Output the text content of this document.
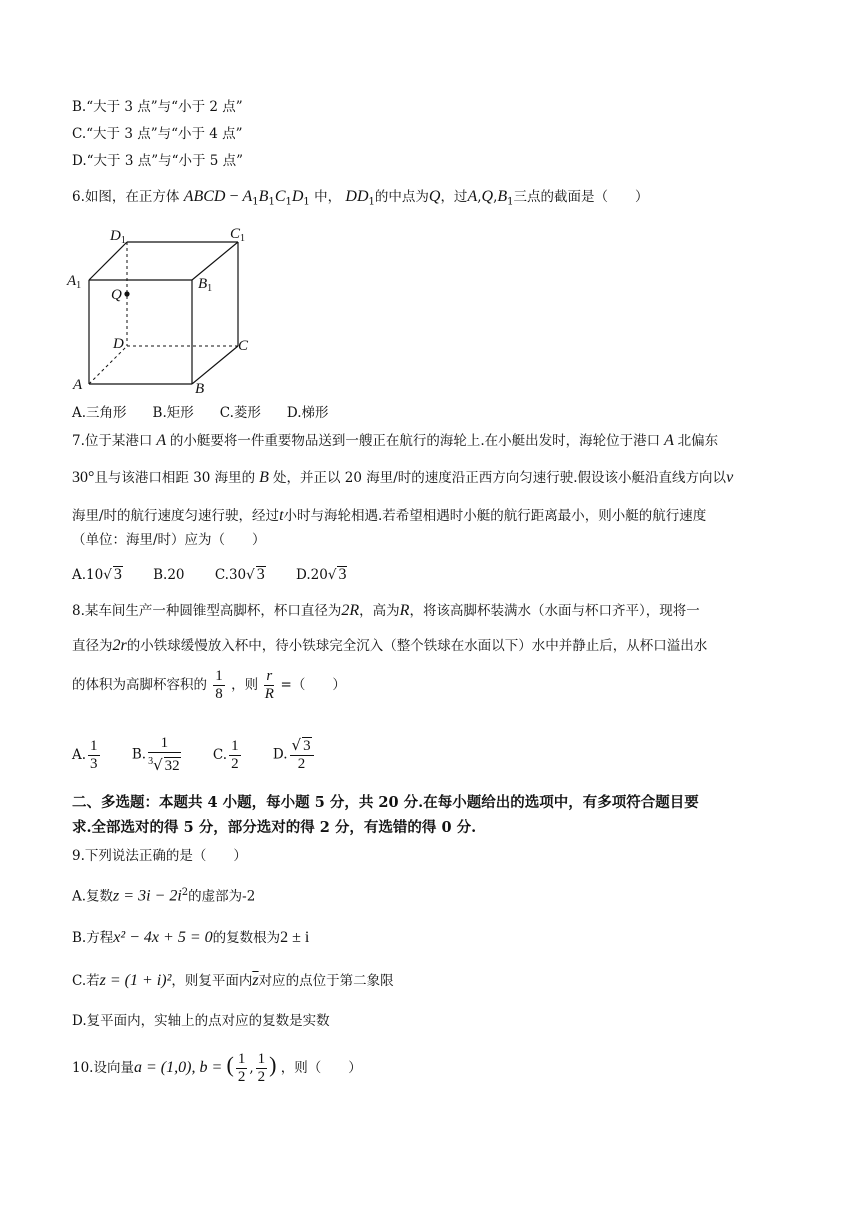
B.“大于 3 点”与“小于 2 点”
C.“大于 3 点”与“小于 4 点”
D.“大于 3 点”与“小于 5 点”
6.如图，在正方体 ABCD − $A_1B_1C_1D_1$ 中， $DD_1$的中点为Q，过$A,Q,B_1$三点的截面是（　　）
$D_1$	$C_1$
$A_1$
Q
$B_1$
D	C
A	B
A.三角形 B.矩形 C.菱形 D.梯形
7.位于某港口 A 的小艇要将一件重要物品送到一艘正在航行的海轮上.在小艇出发时，海轮位于港口 A 北偏东
30°且与该港口相距 30 海里的 B 处，并正以 20 海里/时的速度沿正西方向匀速行驶.假设该小艇沿直线方向以v
海里/时的航行速度匀速行驶，经过t小时与海轮相遇.若希望相遇时小艇的航行距离最小，则小艇的航行速度
（单位：海里/时）应为（　　）
A.10√ 3 B.20 C.30√ 3 D.20√ 3
8.某车间生产一种圆锥型高脚杯，杯口直径为2R，高为R，将该高脚杯装满水（水面与杯口齐平），现将一
直径为2r的小铁球缓慢放入杯中，待小铁球完全沉入（整个铁球在水面以下）水中并静止后，从杯口溢出水
的体积为高脚杯容积的 $\frac{1}{8}$ ，则 $\frac{r}{R}$ =（　　）
A. $\frac{1}{3} B$. $\frac{1}{^3√ 32} C$. $\frac{1}{2} D$. $\frac{√ 3}{2}$
二、多选题：本题共 4 小题，每小题 5 分，共 20 分.在每小题给出的选项中，有多项符合题目要
求.全部选对的得 5 分，部分选对的得 2 分，有选错的得 0 分.
9.下列说法正确的是（　　）
A.复数$z = 3i - 2i^2$的虚部为-2
B.方程x² − 4x + 5 = 0的复数根为2 ± i
C.若z = (1 + i)²，则复平面内$\overline{z}$对应的点位于第二象限
D.复平面内，实轴上的点对应的复数是实数
10.设向量a = (1,0), b = ( $\frac{1}{2}$ , $\frac{1}{2}$ ) ，则（　　）
